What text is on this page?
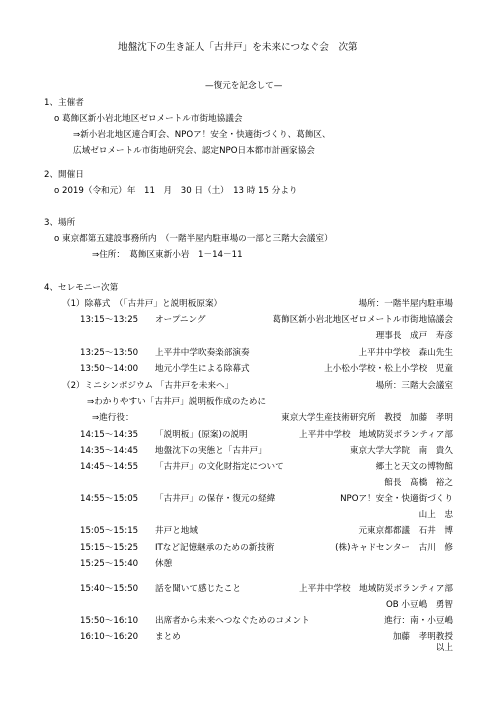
地盤沈下の生き証人「古井戸」を未来につなぐ会　次第
—復元を記念して—
1、主催者
o 葛飾区新小岩北地区ゼロメートル市街地協議会
⇒新小岩北地区連合町会、NPOア！安全・快適街づくり、葛飾区、
広域ゼロメートル市街地研究会、認定NPO日本都市計画家協会
2、開催日
o 2019（令和元）年　11　月　30 日（土）　13 時 15 分より
3、場所
o 東京都第五建設事務所内　（一階半屋内駐車場の一部と三階大会議室）
⇒住所：　葛飾区東新小岩　1－14－11
4、セレモニー次第
（1）除幕式　（「古井戸」と説明板原案）	場所：一階半屋内駐車場
13:15～13:25 オープニング	葛飾区新小岩北地区ゼロメートル市街地協議会
理事長　成戸　寿彦
13:25～13:50 上平井中学吹奏楽部演奏	上平井中学校　森山先生
13:50～14:00 地元小学生による除幕式	上小松小学校・松上小学校　児童
（2）ミニシンポジウム 「古井戸を未来へ」	場所：三階大会議室
⇒わかりやすい「古井戸」説明板作成のために
⇒進行役：	東京大学生産技術研究所　教授　加藤　孝明
14:15～14:35 「説明板」(原案)の説明	上平井中学校　地域防災ボランティア部
14:35～14:45 地盤沈下の実態と「古井戸」	東京大学大学院　南　貴久
14:45～14:55 「古井戸」の文化財指定について	郷土と天文の博物館
館長　髙橋　裕之
14:55～15:05 「古井戸」の保存・復元の経緯	NPOア！安全・快適街づくり
山上　忠
15:05～15:15 井戸と地域	元東京都都議　石井　博
15:15～15:25 ITなど記憶継承のための新技術	(株)キャドセンター　古川　修
15:25～15:40 休憩
15:40～15:50 話を聞いて感じたこと	上平井中学校　地域防災ボランティア部
OB 小豆嶋　勇智
15:50～16:10 出席者から未来へつなぐためのコメント	進行：南・小豆嶋
16:10～16:20 まとめ	加藤　孝明教授
以上
